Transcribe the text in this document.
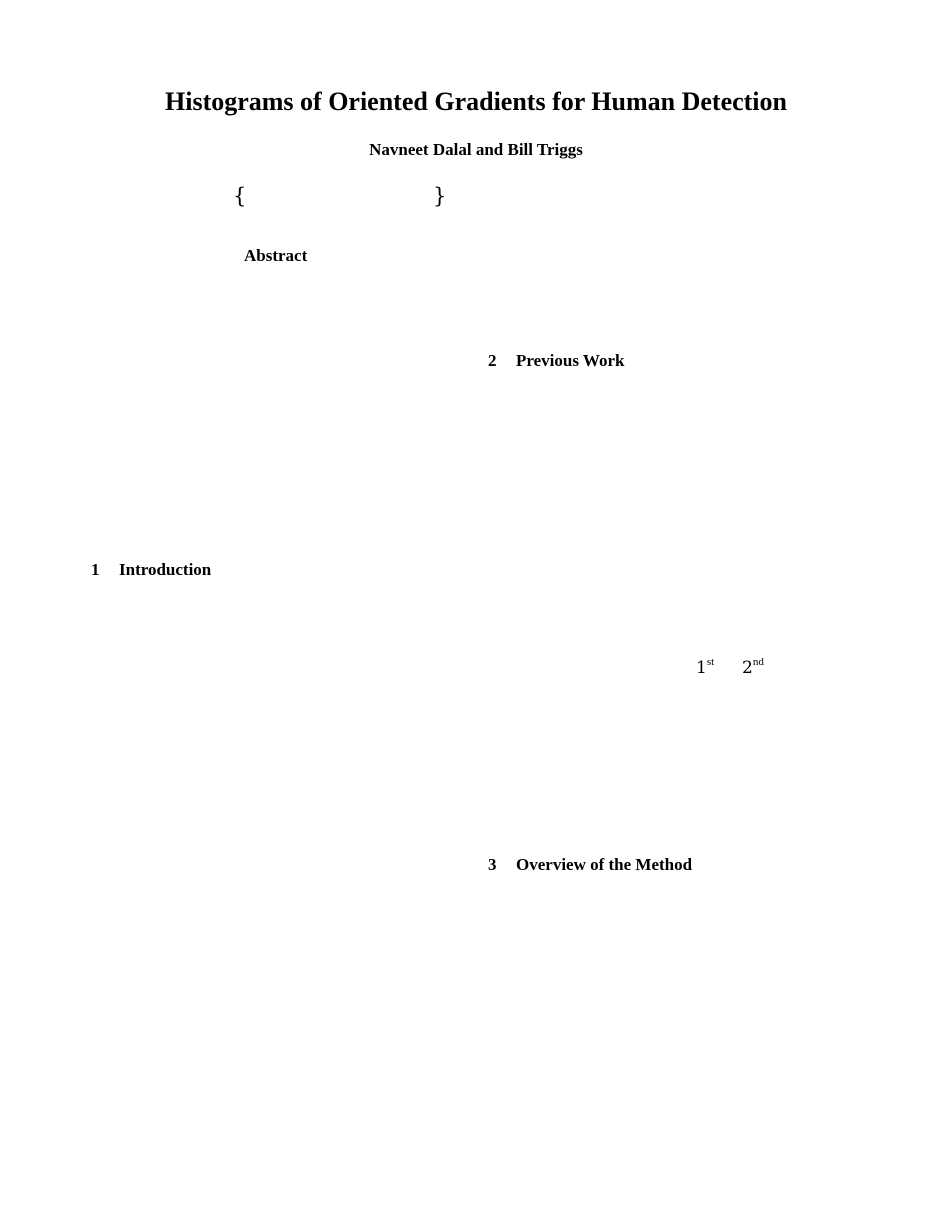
Histograms of Oriented Gradients for Human Detection
Navneet Dalal and Bill Triggs
{	}
Abstract
2 Previous Work
1 Introduction
1st 2nd
3 Overview of the Method
